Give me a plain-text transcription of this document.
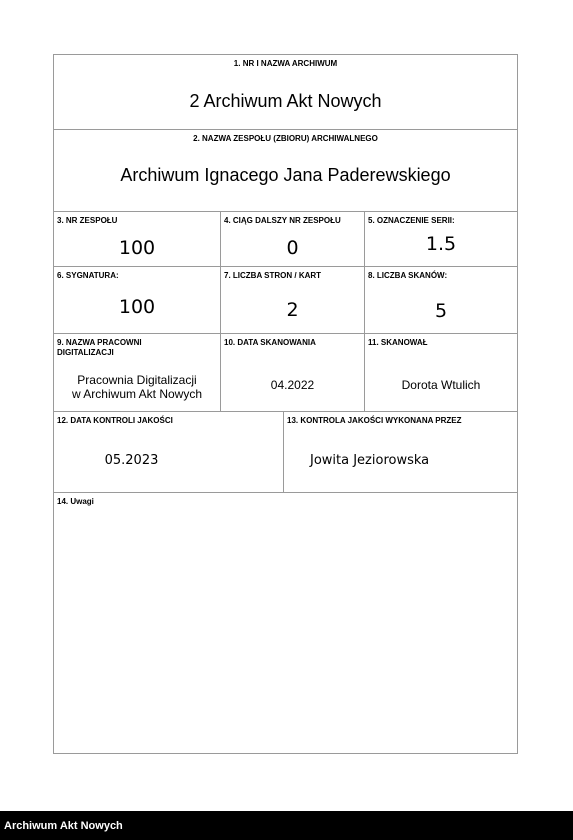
1. NR I NAZWA ARCHIWUM
2 Archiwum Akt Nowych
2. NAZWA ZESPOŁU (ZBIORU) ARCHIWALNEGO
Archiwum Ignacego Jana Paderewskiego
3. NR ZESPOŁU
100
4. CIĄG DALSZY NR ZESPOŁU
0
5. OZNACZENIE SERII:
1.5
6. SYGNATURA:
100
7. LICZBA STRON / KART
2
8. LICZBA SKANÓW:
5
9. NAZWA PRACOWNI
DIGITALIZACJI
Pracownia Digitalizacji
w Archiwum Akt Nowych
10. DATA SKANOWANIA
04.2022
11. SKANOWAŁ
Dorota Wtulich
12. DATA KONTROLI JAKOŚCI
05.2023
13. KONTROLA JAKOŚCI WYKONANA PRZEZ
Jowita Jeziorowska
14. Uwagi
Archiwum Akt Nowych
